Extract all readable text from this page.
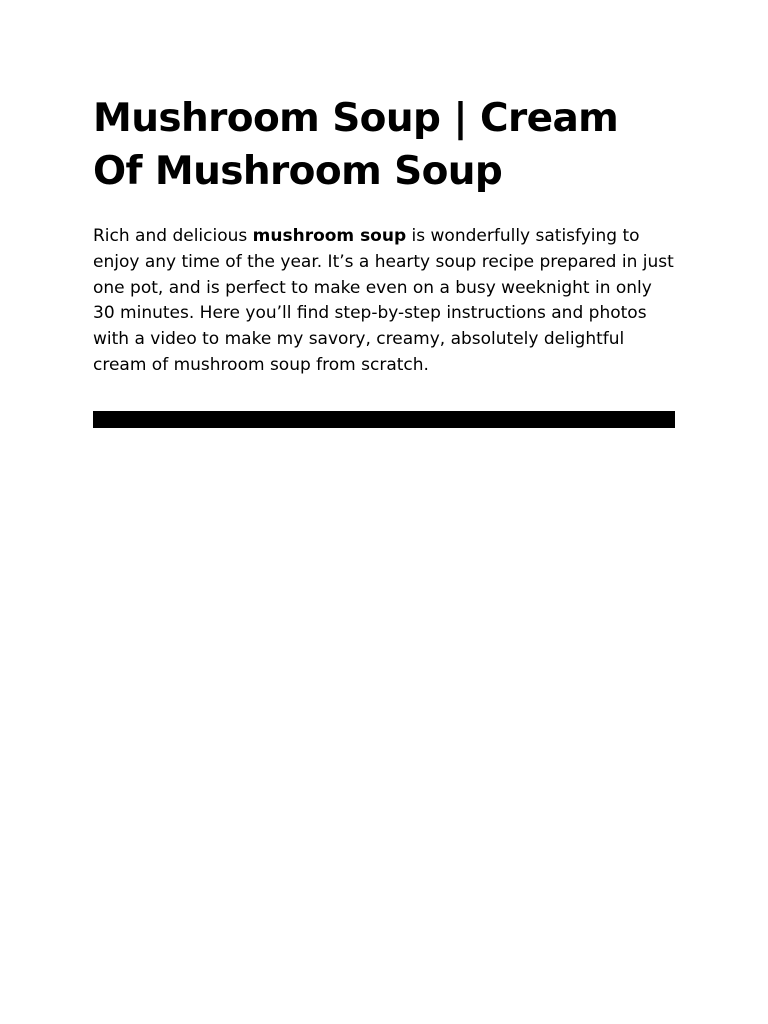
Mushroom Soup | Cream Of Mushroom Soup

Rich and delicious mushroom soup is wonderfully satisfying to enjoy any time of the year. It’s a hearty soup recipe prepared in just one pot, and is perfect to make even on a busy weeknight in only 30 minutes. Here you’ll find step-by-step instructions and photos with a video to make my savory, creamy, absolutely delightful cream of mushroom soup from scratch.
